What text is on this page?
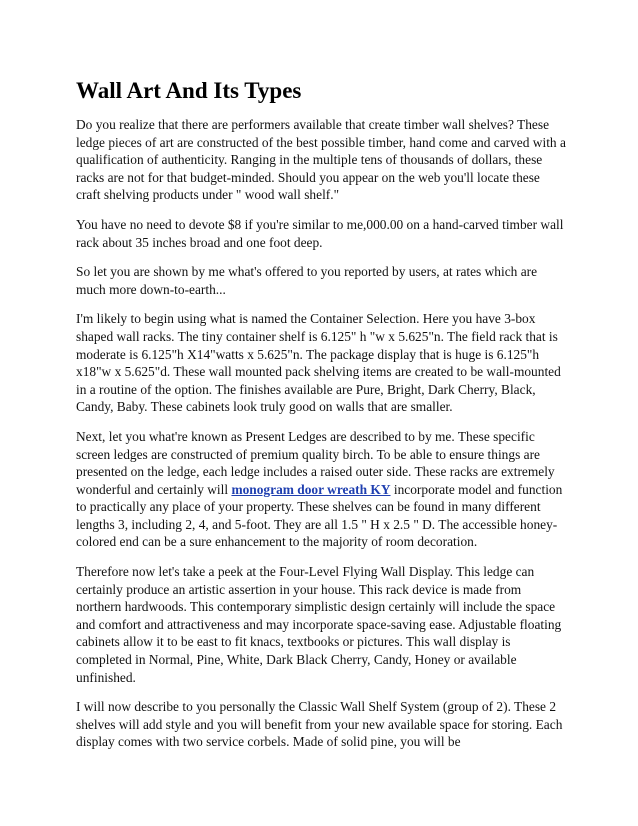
Wall Art And Its Types

Do you realize that there are performers available that create timber wall shelves? These ledge pieces of art are constructed of the best possible timber, hand come and carved with a qualification of authenticity. Ranging in the multiple tens of thousands of dollars, these racks are not for that budget-minded. Should you appear on the web you'll locate these craft shelving products under " wood wall shelf."

You have no need to devote $8 if you're similar to me,000.00 on a hand-carved timber wall rack about 35 inches broad and one foot deep.

So let you are shown by me what's offered to you reported by users, at rates which are much more down-to-earth...

I'm likely to begin using what is named the Container Selection. Here you have 3-box shaped wall racks. The tiny container shelf is 6.125" h "w x 5.625"n. The field rack that is moderate is 6.125"h X14"watts x 5.625"n. The package display that is huge is 6.125"h x18"w x 5.625"d. These wall mounted pack shelving items are created to be wall-mounted in a routine of the option. The finishes available are Pure, Bright, Dark Cherry, Black, Candy, Baby. These cabinets look truly good on walls that are smaller.

Next, let you what're known as Present Ledges are described to by me. These specific screen ledges are constructed of premium quality birch. To be able to ensure things are presented on the ledge, each ledge includes a raised outer side. These racks are extremely wonderful and certainly will monogram door wreath KY incorporate model and function to practically any place of your property. These shelves can be found in many different lengths 3, including 2, 4, and 5-foot. They are all 1.5 " H x 2.5 " D. The accessible honey-colored end can be a sure enhancement to the majority of room decoration.

Therefore now let's take a peek at the Four-Level Flying Wall Display. This ledge can certainly produce an artistic assertion in your house. This rack device is made from northern hardwoods. This contemporary simplistic design certainly will include the space and comfort and attractiveness and may incorporate space-saving ease. Adjustable floating cabinets allow it to be east to fit knacs, textbooks or pictures. This wall display is completed in Normal, Pine, White, Dark Black Cherry, Candy, Honey or available unfinished.

I will now describe to you personally the Classic Wall Shelf System (group of 2). These 2 shelves will add style and you will benefit from your new available space for storing. Each display comes with two service corbels. Made of solid pine, you will be
